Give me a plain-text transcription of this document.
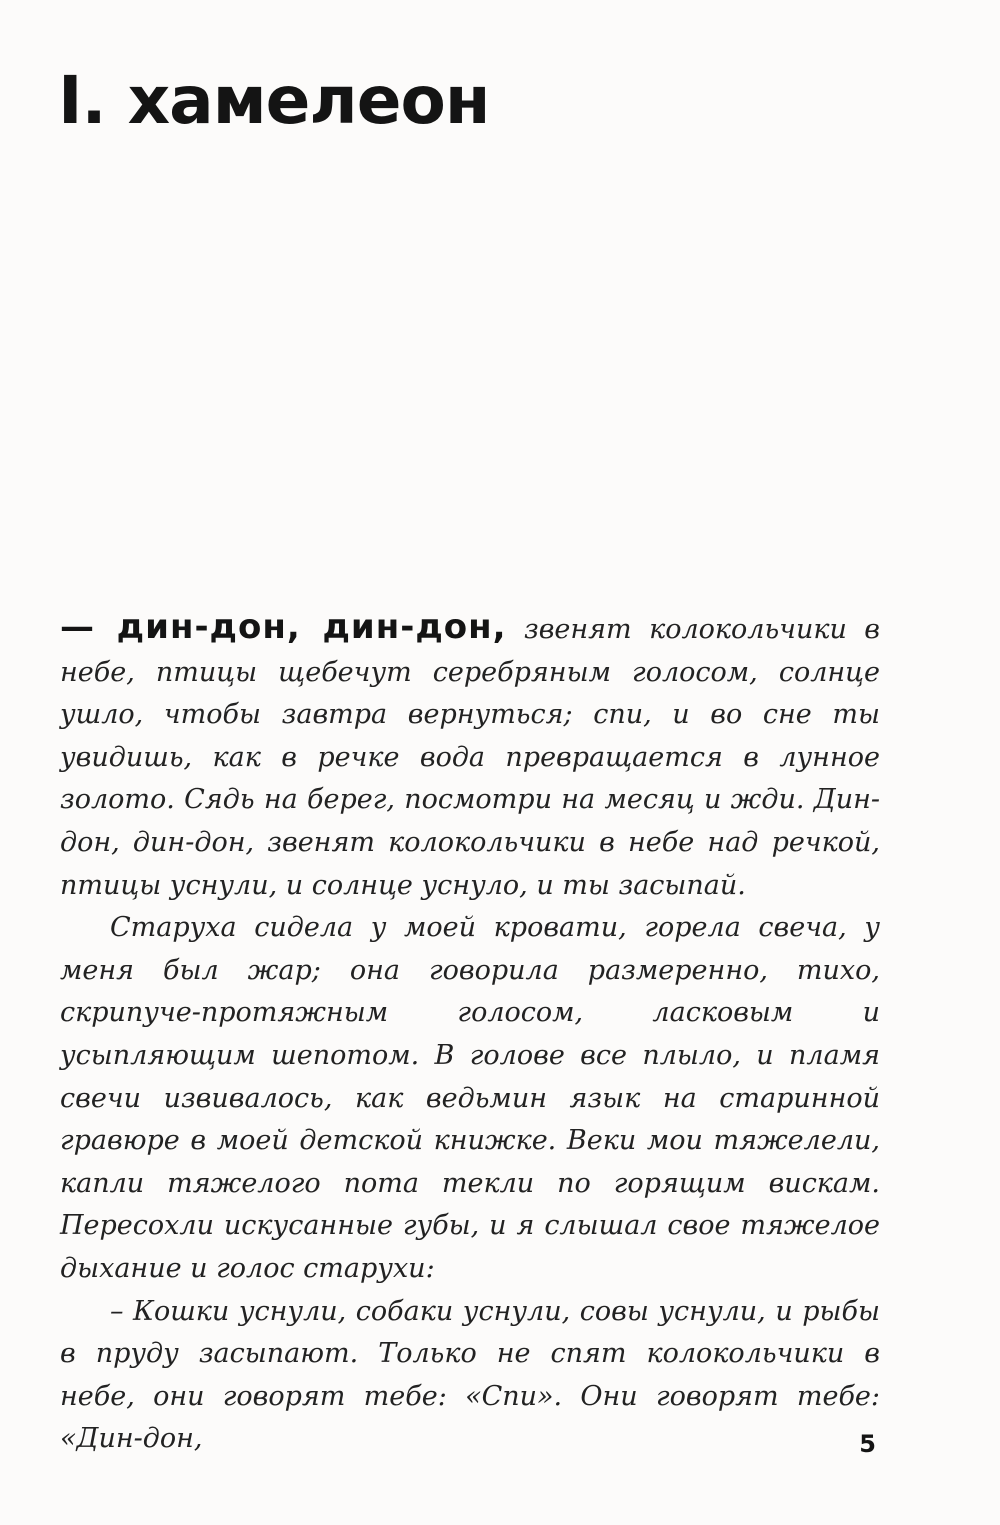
I. хамелеон

— дин-дон, дин-дон, звенят колокольчики в небе, птицы щебечут серебряным голосом, солнце ушло, чтобы завтра вернуться; спи, и во сне ты увидишь, как в речке вода превращается в лунное золото. Сядь на берег, посмотри на месяц и жди. Дин-дон, дин-дон, звенят колокольчики в небе над речкой, птицы уснули, и солнце уснуло, и ты засыпай.

Старуха сидела у моей кровати, горела свеча, у меня был жар; она говорила размеренно, тихо, скрипуче-протяжным голосом, ласковым и усыпляющим шепотом. В голове все плыло, и пламя свечи извивалось, как ведьмин язык на старинной гравюре в моей детской книжке. Веки мои тяжелели, капли тяжелого пота текли по горящим вискам. Пересохли искусанные губы, и я слышал свое тяжелое дыхание и голос старухи:

– Кошки уснули, собаки уснули, совы уснули, и рыбы в пруду засыпают. Только не спят колокольчики в небе, они говорят тебе: «Спи». Они говорят тебе: «Дин-дон,	5
